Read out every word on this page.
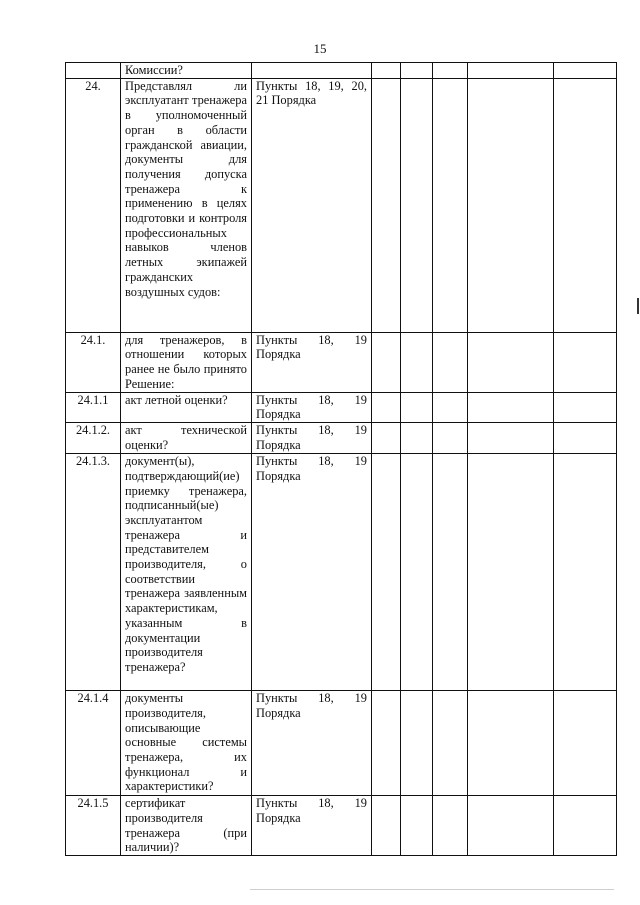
15
	Комиссии?						
24.	Представлял ли эксплуатант тренажера в уполномоченный орган в области гражданской авиации, документы для получения допуска тренажера к применению в целях подготовки и контроля профессиональных навыков членов летных экипажей гражданских воздушных судов:	Пункты 18, 19, 20, 21 Порядка					
24.1.	для тренажеров, в отношении которых ранее не было принято Решение:	Пункты 18, 19 Порядка					
24.1.1	акт летной оценки?	Пункты 18, 19 Порядка					
24.1.2.	акт технической оценки?	Пункты 18, 19 Порядка					
24.1.3.	документ(ы), подтверждающий(ие) приемку тренажера, подписанный(ые) эксплуатантом тренажера и представителем производителя, о соответствии тренажера заявленным характеристикам, указанным в документации производителя тренажера?	Пункты 18, 19 Порядка					
24.1.4	документы производителя, описывающие основные системы тренажера, их функционал и характеристики?	Пункты 18, 19 Порядка					
24.1.5	сертификат производителя тренажера (при наличии)?	Пункты 18, 19 Порядка					
